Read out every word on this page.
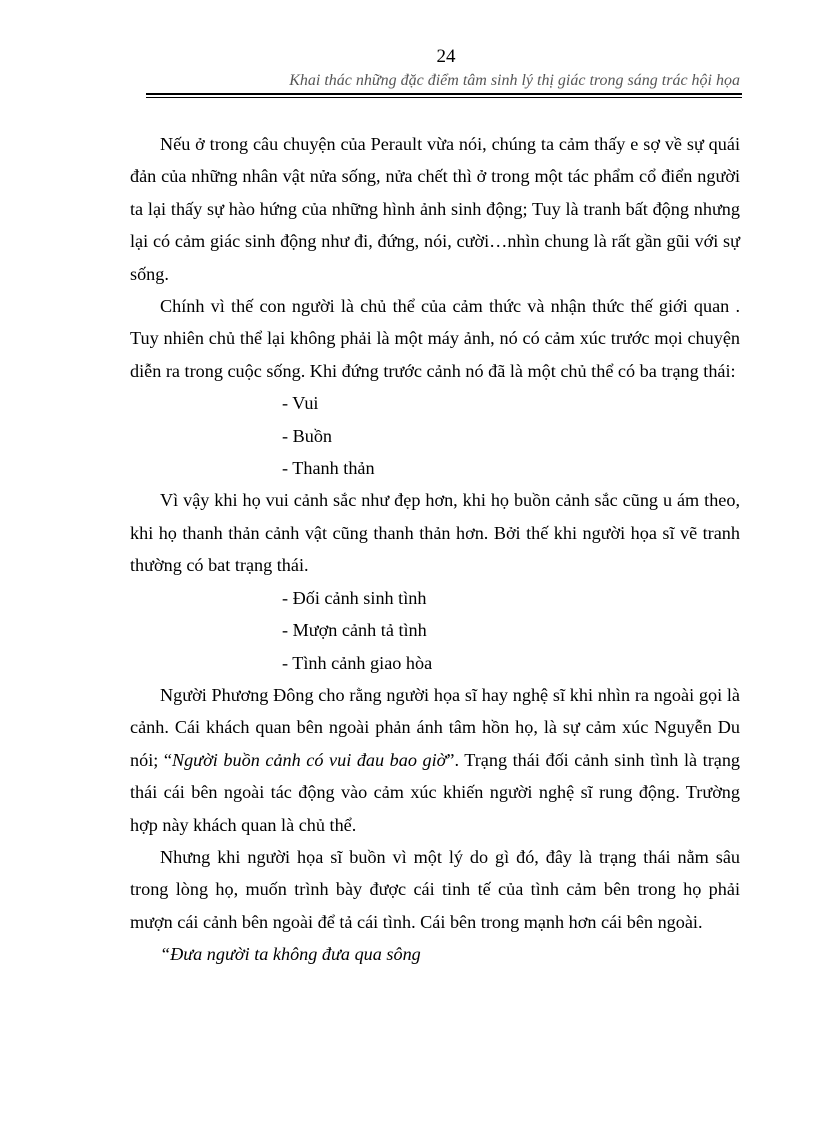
24
Khai thác những đặc điểm tâm sinh lý thị giác trong sáng trác hội họa

Nếu ở trong câu chuyện của Perault vừa nói, chúng ta cảm thấy e sợ về sự quái đản của những nhân vật nửa sống, nửa chết thì ở trong một tác phẩm cổ điển người ta lại thấy sự hào hứng của những hình ảnh sinh động; Tuy là tranh bất động nhưng lại có cảm giác sinh động như đi, đứng, nói, cười…nhìn chung là rất gần gũi với sự sống.

Chính vì thế con người là chủ thể của cảm thức và nhận thức thế giới quan . Tuy nhiên chủ thể lại không phải là một máy ảnh, nó có cảm xúc trước mọi chuyện diễn ra trong cuộc sống. Khi đứng trước cảnh nó đã là một chủ thể có ba trạng thái:

- Vui

- Buồn

- Thanh thản

Vì vậy khi họ vui cảnh sắc như đẹp hơn, khi họ buồn cảnh sắc cũng u ám theo, khi họ thanh thản cảnh vật cũng thanh thản hơn. Bởi thế khi người họa sĩ vẽ tranh thường có bat trạng thái.

- Đối cảnh sinh tình

- Mượn cảnh tả tình

- Tình cảnh giao hòa

Người Phương Đông cho rằng người họa sĩ hay nghệ sĩ khi nhìn ra ngoài gọi là cảnh. Cái khách quan bên ngoài phản ánh tâm hồn họ, là sự cảm xúc Nguyễn Du nói; “Người buồn cảnh có vui đau bao giờ”. Trạng thái đối cảnh sinh tình là trạng thái cái bên ngoài tác động vào cảm xúc khiến người nghệ sĩ rung động. Trường hợp này khách quan là chủ thể.

Nhưng khi người họa sĩ buồn vì một lý do gì đó, đây là trạng thái nằm sâu trong lòng họ, muốn trình bày được cái tinh tế của tình cảm bên trong họ phải mượn cái cảnh bên ngoài để tả cái tình. Cái bên trong mạnh hơn cái bên ngoài.

“Đưa người ta không đưa qua sông
